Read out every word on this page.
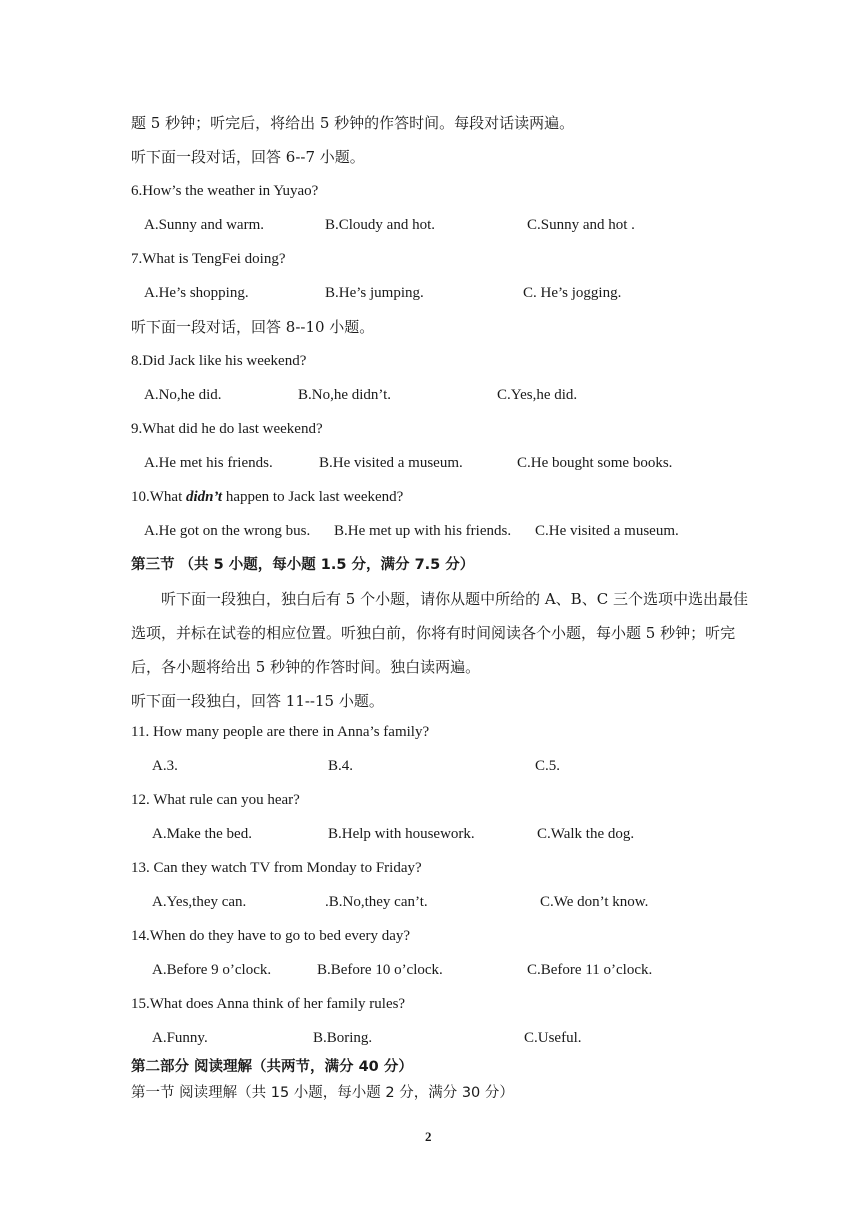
题 5 秒钟；听完后，将给出 5 秒钟的作答时间。每段对话读两遍。
听下面一段对话，回答 6--7 小题。
6.How’s the weather in Yuyao?
A.Sunny and warm.	B.Cloudy and hot.	C.Sunny and hot .
7.What is TengFei doing?
A.He’s shopping.	B.He’s jumping.	C. He’s jogging.
听下面一段对话，回答 8--10 小题。
8.Did Jack like his weekend?
A.No,he did.	B.No,he didn’t.	C.Yes,he did.
9.What did he do last weekend?
A.He met his friends.	B.He visited a museum.	C.He bought some books.
10.What didn’t happen to Jack last weekend?
A.He got on the wrong bus. B.He met up with his friends. C.He visited a museum.
第三节 （共 5 小题，每小题 1.5 分，满分 7.5 分）
听下面一段独白，独白后有 5 个小题，请你从题中所给的 A、B、C 三个选项中选出最佳
选项，并标在试卷的相应位置。听独白前，你将有时间阅读各个小题，每小题 5 秒钟；听完
后，各小题将给出 5 秒钟的作答时间。独白读两遍。
听下面一段独白，回答 11--15 小题。
11. How many people are there in Anna’s family?
A.3.	B.4.	C.5.
12. What rule can you hear?
A.Make the bed.	B.Help with housework.	C.Walk the dog.
13. Can they watch TV from Monday to Friday?
A.Yes,they can.	.B.No,they can’t.	C.We don’t know.
14.When do they have to go to bed every day?
A.Before 9 o’clock.	B.Before 10 o’clock.	C.Before 11 o’clock.
15.What does Anna think of her family rules?
A.Funny.	B.Boring.	C.Useful.
第二部分 阅读理解（共两节，满分 40 分）
第一节 阅读理解（共 15 小题，每小题 2 分，满分 30 分）
2
